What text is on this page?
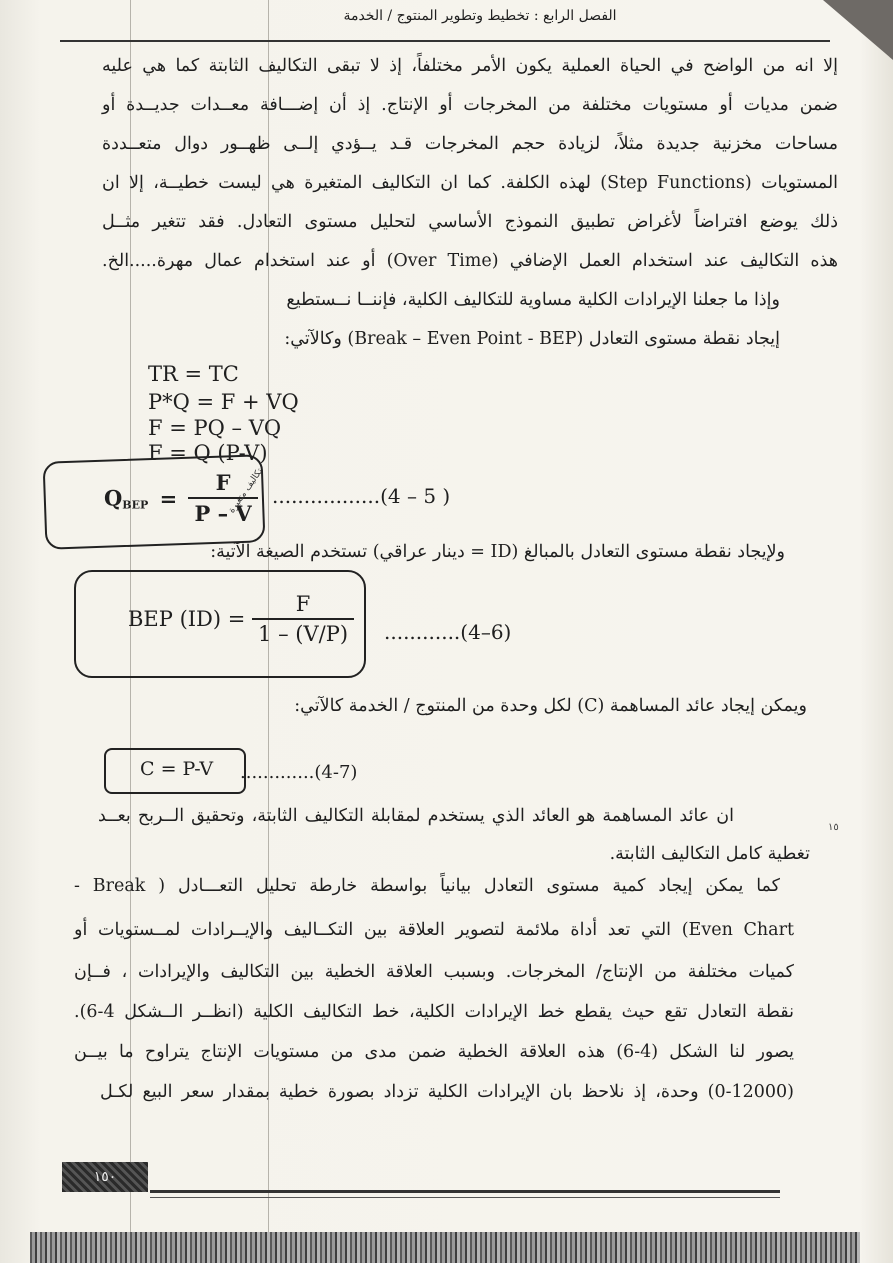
الفصل الرابع : تخطيط وتطوير المنتوج / الخدمة
إلا انه من الواضح في الحياة العملية يكون الأمر مختلفاً، إذ لا تبقى التكاليف الثابتة كما هي عليه
ضمن مديات أو مستويات مختلفة من المخرجات أو الإنتاج. إذ أن إضـــافة معــدات جديــدة أو
مساحات مخزنية جديدة مثلاً، لزيادة حجم المخرجات قـد يــؤدي إلــى ظهــور دوال متعــددة
المستويات (Step Functions) لهذه الكلفة. كما ان التكاليف المتغيرة هي ليست خطيــة، إلا ان
ذلك يوضع افتراضاً لأغراض تطبيق النموذج الأساسي لتحليل مستوى التعادل. فقد تتغير مثــل
هذه التكاليف عند استخدام العمل الإضافي (Over Time) أو عند استخدام عمال مهرة.....الخ.
وإذا ما جعلنا الإيرادات الكلية مساوية للتكاليف الكلية، فإننــا نــستطيع
إيجاد نقطة مستوى التعادل (Break – Even Point - BEP) وكالآتي:
TR = TC
P*Q = F + VQ
F = PQ – VQ
F = Q (P-V)
$Q_{BEP} = \frac{F}{P - V}$
تكاليف متغيرة .................(4 – 5 )
ولإيجاد نقطة مستوى التعادل بالمبالغ (ID = دينار عراقي) تستخدم الصيغة الآتية:
BEP $(ID) = \frac{F}{1 - (V/P)} ............(4-6)$
ويمكن إيجاد عائد المساهمة (C) لكل وحدة من المنتوج / الخدمة كالآتي:
C = P-V .............(4-7)
ان عائد المساهمة هو العائد الذي يستخدم لمقابلة التكاليف الثابتة، وتحقيق الــربح بعــد
تغطية كامل التكاليف الثابتة.
١٥
كما يمكن إيجاد كمية مستوى التعادل بيانياً بواسطة خارطة تحليل التعـــادل ( Break -
Even Chart) التي تعد أداة ملائمة لتصوير العلاقة بين التكــاليف والإيــرادات لمــستويات أو
كميات مختلفة من الإنتاج/ المخرجات. وبسبب العلاقة الخطية بين التكاليف والإيرادات ، فــإن
نقطة التعادل تقع حيث يقطع خط الإيرادات الكلية، خط التكاليف الكلية (انظــر الــشكل 4-6).
يصور لنا الشكل (4-6) هذه العلاقة الخطية ضمن مدى من مستويات الإنتاج يتراوح ما بيــن
(0-12000) وحدة، إذ نلاحظ بان الإيرادات الكلية تزداد بصورة خطية بمقدار سعر البيع لكـل
١٥٠
